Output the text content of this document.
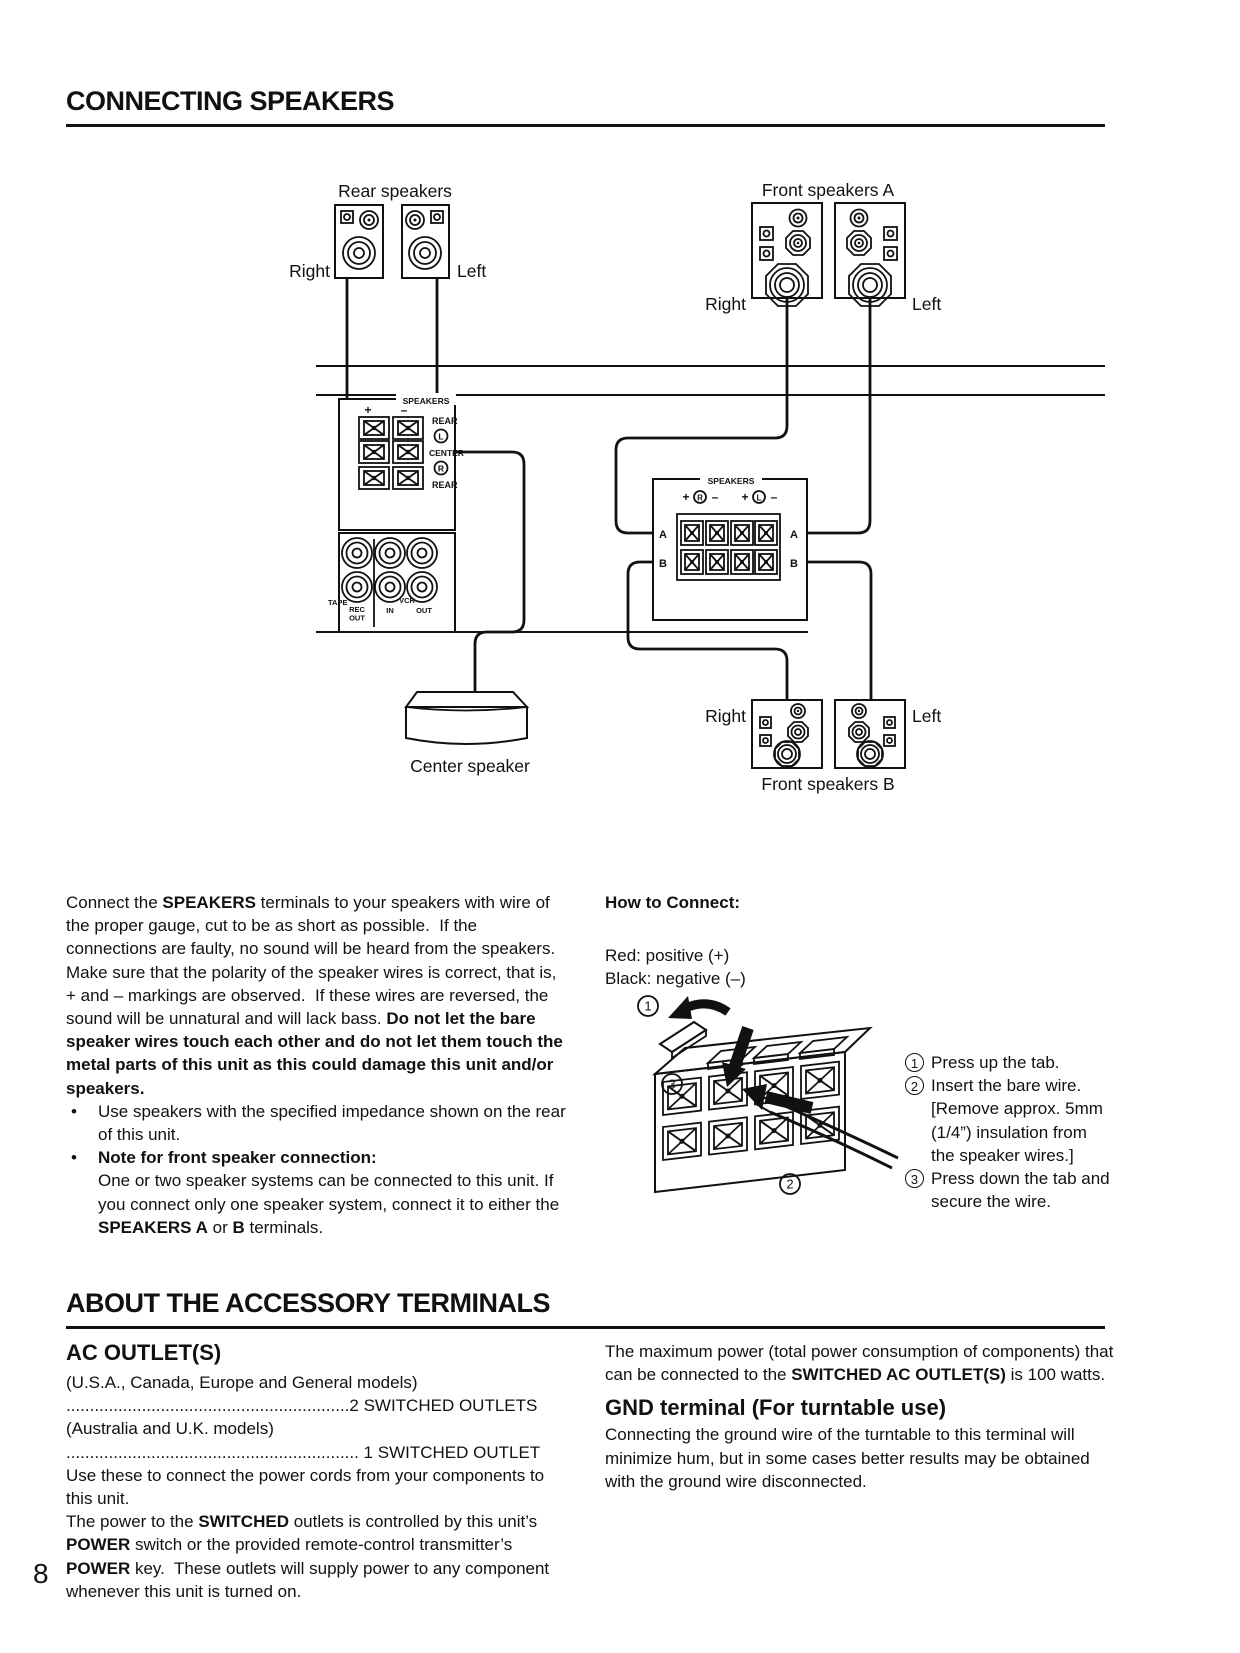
CONNECTING SPEAKERS
SPEAKERS
+ –
REAR
L
CENTER
R
REAR
TAPE
REC
OUT
IN
VCR
OUT
SPEAKERS
+ R – + L –
A	A
B	B
Rear speakers
Right	Left
Front speakers A
Right	Left
Right	Left
Center speaker
Front speakers B
Connect the SPEAKERS terminals to your speakers with wire of the proper gauge, cut to be as short as possible.  If the connections are faulty, no sound will be heard from the speakers.  Make sure that the polarity of the speaker wires is correct, that is, + and – markings are observed.  If these wires are reversed, the sound will be unnatural and will lack bass. Do not let the bare speaker wires touch each other and do not let them touch the metal parts of this unit as this could damage this unit and/or speakers.
•	Use speakers with the specified impedance shown on the rear of this unit.
•	Note for front speaker connection:
One or two speaker systems can be connected to this unit. If you connect only one speaker system, connect it to either the SPEAKERS A or B terminals.
How to Connect:
Red: positive (+)
Black: negative (–)
1
3
2
1 Press up the tab.
2 Insert the bare wire.
[Remove approx. 5mm
(1/4”) insulation from
the speaker wires.]
3 Press down the tab and
secure the wire.
ABOUT THE ACCESSORY TERMINALS
AC OUTLET(S)
(U.S.A., Canada, Europe and General models)
............................................................2 SWITCHED OUTLETS
(Australia and U.K. models)
.............................................................. 1 SWITCHED OUTLET
Use these to connect the power cords from your components to this unit.
The power to the SWITCHED outlets is controlled by this unit’s POWER switch or the provided remote-control transmitter’s POWER key.  These outlets will supply power to any component whenever this unit is turned on.
The maximum power (total power consumption of components) that can be connected to the SWITCHED AC OUTLET(S) is 100 watts.
GND terminal (For turntable use)
Connecting the ground wire of the turntable to this terminal will minimize hum, but in some cases better results may be obtained with the ground wire disconnected.
8
